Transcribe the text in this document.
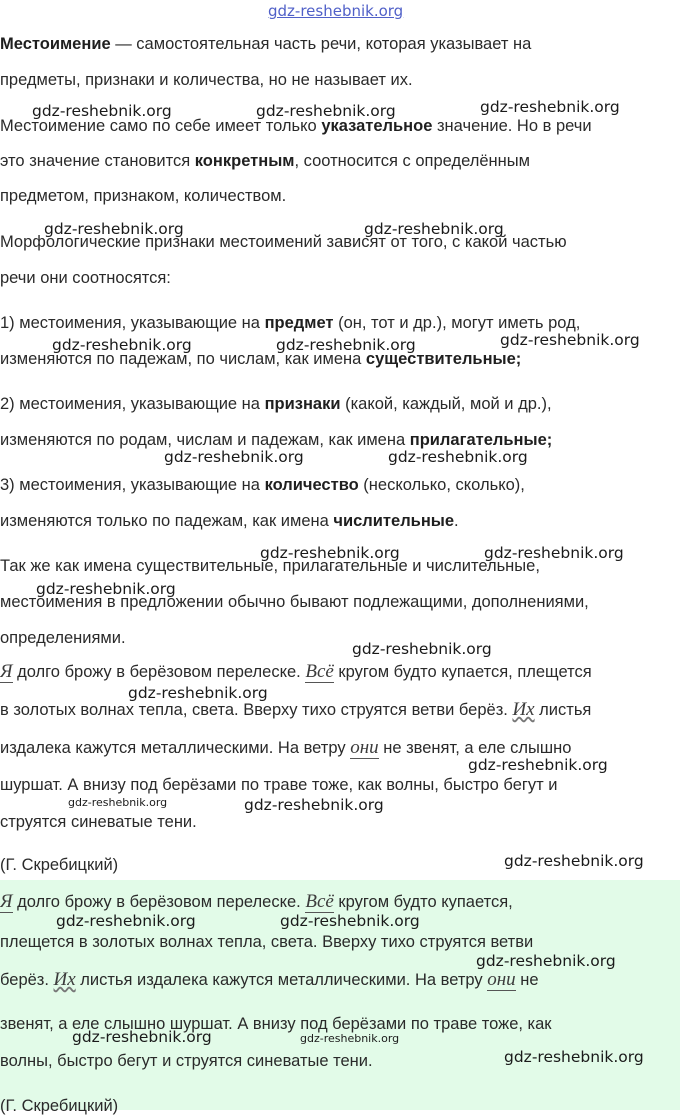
gdz-reshebnik.org
Местоимение — самостоятельная часть речи, которая указывает на
предметы, признаки и количества, но не называет их.
Местоимение само по себе имеет только указательное значение. Но в речи
это значение становится конкретным, соотносится с определённым
предметом, признаком, количеством.
Морфологические признаки местоимений зависят от того, с какой частью
речи они соотносятся:
1) местоимения, указывающие на предмет (он, тот и др.), могут иметь род,
изменяются по падежам, по числам, как имена существительные;
2) местоимения, указывающие на признаки (какой, каждый, мой и др.),
изменяются по родам, числам и падежам, как имена прилагательные;
3) местоимения, указывающие на количество (несколько, сколько),
изменяются только по падежам, как имена числительные.
Так же как имена существительные, прилагательные и числительные,
местоимения в предложении обычно бывают подлежащими, дополнениями,
определениями.
Я долго брожу в берёзовом перелеске. Всё кругом будто купается, плещется
в золотых волнах тепла, света. Вверху тихо струятся ветви берёз. Их листья
издалека кажутся металлическими. На ветру они не звенят, а еле слышно
шуршат. А внизу под берёзами по траве тоже, как волны, быстро бегут и
струятся синеватые тени.
(Г. Скребицкий)
Я долго брожу в берёзовом перелеске. Всё кругом будто купается,
плещется в золотых волнах тепла, света. Вверху тихо струятся ветви
берёз. Их листья издалека кажутся металлическими. На ветру они не
звенят, а еле слышно шуршат. А внизу под берёзами по траве тоже, как
волны, быстро бегут и струятся синеватые тени.
(Г. Скребицкий)
gdz-reshebnik.org	gdz-reshebnik.org	gdz-reshebnik.org
gdz-reshebnik.org	gdz-reshebnik.org
gdz-reshebnik.org	gdz-reshebnik.org	gdz-reshebnik.org
gdz-reshebnik.org	gdz-reshebnik.org
gdz-reshebnik.org	gdz-reshebnik.org
gdz-reshebnik.org
gdz-reshebnik.org
gdz-reshebnik.org
gdz-reshebnik.org
gdz-reshebnik.org	gdz-reshebnik.org
gdz-reshebnik.org
gdz-reshebnik.org	gdz-reshebnik.org
gdz-reshebnik.org
gdz-reshebnik.org	gdz-reshebnik.org
gdz-reshebnik.org
